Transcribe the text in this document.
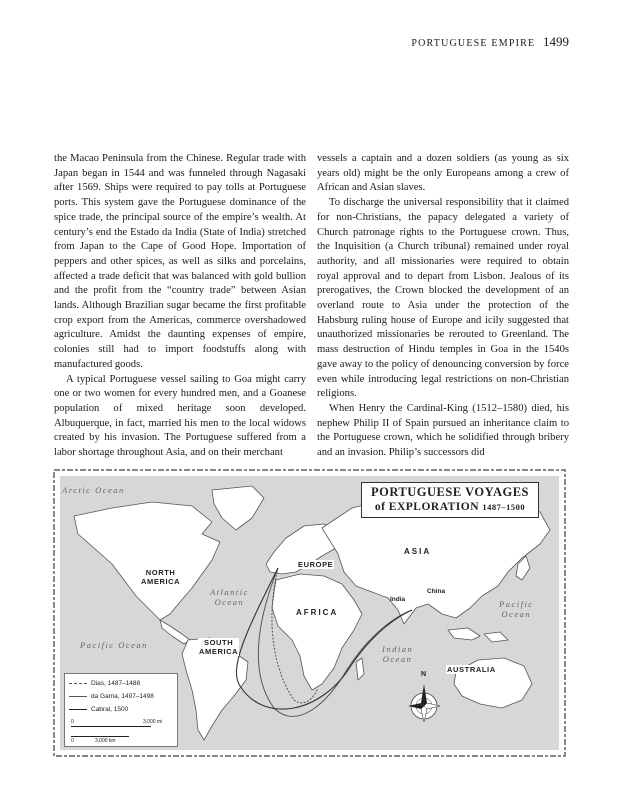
PORTUGUESE EMPIRE 1499

the Macao Peninsula from the Chinese. Regular trade with Japan began in 1544 and was funneled through Nagasaki after 1569. Ships were required to pay tolls at Portuguese ports. This system gave the Portuguese dominance of the spice trade, the principal source of the empire’s wealth. At century’s end the Estado da India (State of India) stretched from Japan to the Cape of Good Hope. Importation of peppers and other spices, as well as silks and porcelains, affected a trade deficit that was balanced with gold bullion and the profit from the “country trade” between Asian lands. Although Brazilian sugar became the first profitable crop export from the Americas, commerce overshadowed agriculture. Amidst the daunting expenses of empire, colonies still had to import foodstuffs along with manufactured goods.

A typical Portuguese vessel sailing to Goa might carry one or two women for every hundred men, and a Goanese population of mixed heritage soon developed. Albuquerque, in fact, married his men to the local widows created by his invasion. The Portuguese suffered from a labor shortage throughout Asia, and on their merchant

vessels a captain and a dozen soldiers (as young as six years old) might be the only Europeans among a crew of African and Asian slaves.

To discharge the universal responsibility that it claimed for non-Christians, the papacy delegated a variety of Church patronage rights to the Portuguese crown. Thus, the Inquisition (a Church tribunal) remained under royal authority, and all missionaries were required to obtain royal approval and to depart from Lisbon. Jealous of its prerogatives, the Crown blocked the development of an overland route to Asia under the protection of the Habsburg ruling house of Europe and icily suggested that unauthorized missionaries be rerouted to Greenland. The mass destruction of Hindu temples in Goa in the 1540s gave away to the policy of denouncing conversion by force even while introducing legal restrictions on non-Christian religions.

When Henry the Cardinal-King (1512–1580) died, his nephew Philip II of Spain pursued an inheritance claim to the Portuguese crown, which he solidified through bribery and an invasion. Philip’s successors did

PORTUGUESE VOYAGES
of EXPLORATION 1487–1500
Arctic Ocean
Atlantic
Ocean
Pacific Ocean
Pacific
Ocean
Indian
Ocean
NORTH
AMERICA
SOUTH
AMERICA
EUROPE
AFRICA
ASIA
AUSTRALIA
India
China
N
Dias, 1487–1488
da Gama, 1497–1498
Cabral, 1500
0	3,000 mi
0	3,000 km
